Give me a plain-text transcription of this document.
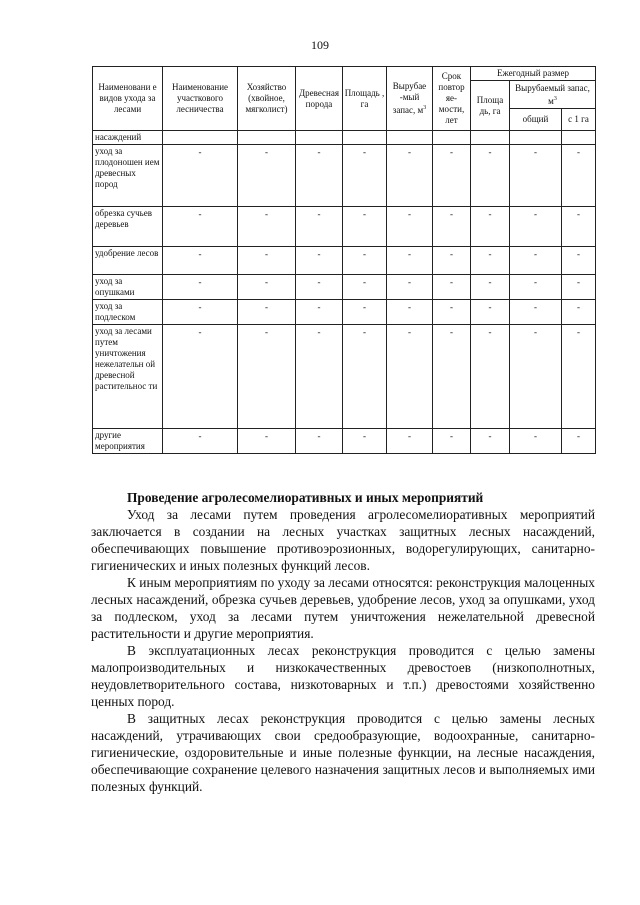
109
Наименовани е видов ухода за лесами	Наименование участкового лесничества	Хозяйство (хвойное, мягколист)	Древесная порода	Площадь , га	Вырубае -мый запас, $м^3$	Срок повтор яе-мости, лет	Ежегодный размер		
							Площа дь, га	Вырубаемый запас, $м^3$
								общий	с 1 га
насаждений									
уход за плодоношен ием древесных пород	-	-	-	-	-	-	-	-	-
обрезка сучьев деревьев	-	-	-	-	-	-	-	-	-
удобрение лесов	-	-	-	-	-	-	-	-	-
уход за опушками	-	-	-	-	-	-	-	-	-
уход за подлеском	-	-	-	-	-	-	-	-	-
уход за лесами путем уничтожения нежелательн ой древесной растительнос ти	-	-	-	-	-	-	-	-	-
другие мероприятия	-	-	-	-	-	-	-	-	-
Проведение агролесомелиоративных и иных мероприятий

Уход за лесами путем проведения агролесомелиоративных мероприятий заключается в создании на лесных участках защитных лесных насаждений, обеспечивающих повышение противоэрозионных, водорегулирующих, санитарно-гигиенических и иных полезных функций лесов.

К иным мероприятиям по уходу за лесами относятся: реконструкция малоценных лесных насаждений, обрезка сучьев деревьев, удобрение лесов, уход за опушками, уход за подлеском, уход за лесами путем уничтожения нежелательной древесной растительности и другие мероприятия.

В эксплуатационных лесах реконструкция проводится с целью замены малопроизводительных и низкокачественных древостоев (низкополнотных, неудовлетворительного состава, низкотоварных и т.п.) древостоями хозяйственно ценных пород.

В защитных лесах реконструкция проводится с целью замены лесных насаждений, утрачивающих свои средообразующие, водоохранные, санитарно-гигиенические, оздоровительные и иные полезные функции, на лесные насаждения, обеспечивающие сохранение целевого назначения защитных лесов и выполняемых ими полезных функций.
